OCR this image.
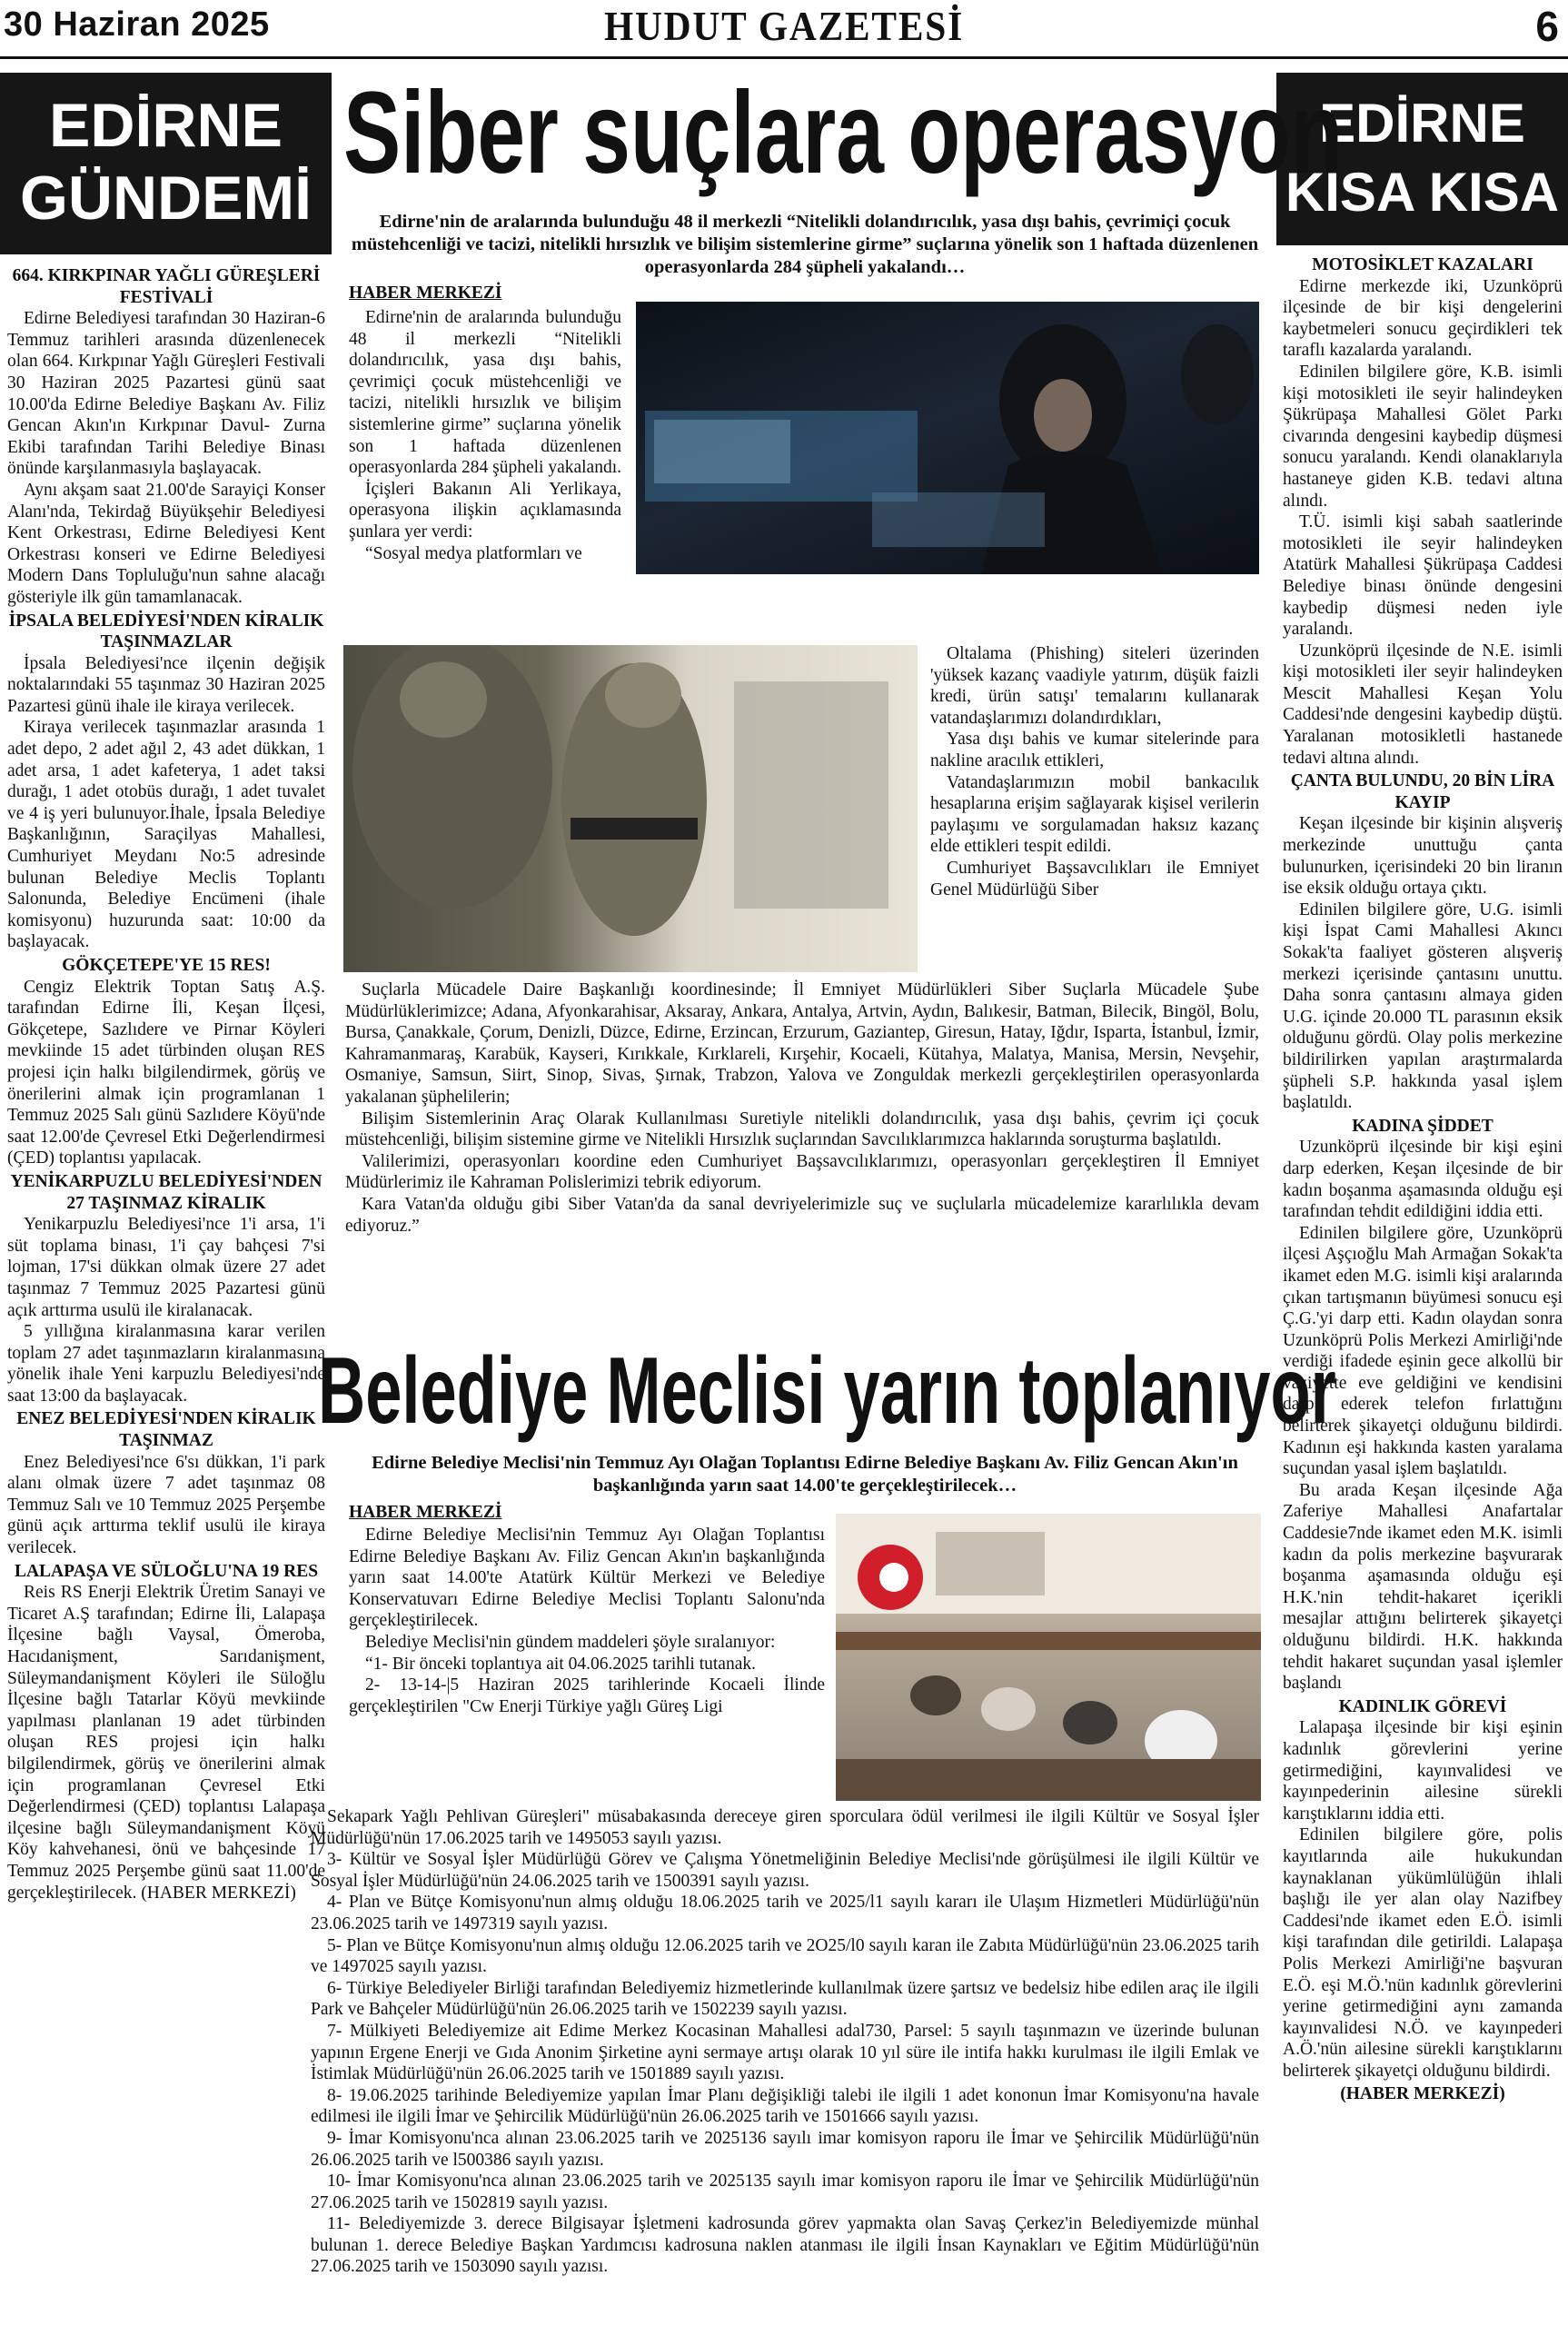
30 Haziran 2025	HUDUT GAZETESİ	6
EDİRNE
GÜNDEMİ
EDİRNE
KISA KISA

664. KIRKPINAR YAĞLI GÜREŞLERİ FESTİVALİ

Edirne Belediyesi tarafından 30 Haziran-6 Temmuz tarihleri arasında düzenlenecek olan 664. Kırkpınar Yağlı Güreşleri Festivali 30 Haziran 2025 Pazartesi günü saat 10.00'da Edirne Belediye Başkanı Av. Filiz Gencan Akın'ın Kırkpınar Davul- Zurna Ekibi tarafından Tarihi Belediye Binası önünde karşılanmasıyla başlayacak.

Aynı akşam saat 21.00'de Sarayiçi Konser Alanı'nda, Tekirdağ Büyükşehir Belediyesi Kent Orkestrası, Edirne Belediyesi Kent Orkestrası konseri ve Edirne Belediyesi Modern Dans Topluluğu'nun sahne alacağı gösteriyle ilk gün tamamlanacak.

İPSALA BELEDİYESİ'NDEN KİRALIK TAŞINMAZLAR

İpsala Belediyesi'nce ilçenin değişik noktalarındaki 55 taşınmaz 30 Haziran 2025 Pazartesi günü ihale ile kiraya verilecek.

Kiraya verilecek taşınmazlar arasında 1 adet depo, 2 adet ağıl 2, 43 adet dükkan, 1 adet arsa, 1 adet kafeterya, 1 adet taksi durağı, 1 adet otobüs durağı, 1 adet tuvalet ve 4 iş yeri bulunuyor.İhale, İpsala Belediye Başkanlığının, Saraçilyas Mahallesi, Cumhuriyet Meydanı No:5 adresinde bulunan Belediye Meclis Toplantı Salonunda, Belediye Encümeni (ihale komisyonu) huzurunda saat: 10:00 da başlayacak.

GÖKÇETEPE'YE 15 RES!

Cengiz Elektrik Toptan Satış A.Ş. tarafından Edirne İli, Keşan İlçesi, Gökçetepe, Sazlıdere ve Pirnar Köyleri mevkiinde 15 adet türbinden oluşan RES projesi için halkı bilgilendirmek, görüş ve önerilerini almak için programlanan 1 Temmuz 2025 Salı günü Sazlıdere Köyü'nde saat 12.00'de Çevresel Etki Değerlendirmesi (ÇED) toplantısı yapılacak.

YENİKARPUZLU BELEDİYESİ'NDEN 27 TAŞINMAZ KİRALIK

Yenikarpuzlu Belediyesi'nce 1'i arsa, 1'i süt toplama binası, 1'i çay bahçesi 7'si lojman, 17'si dükkan olmak üzere 27 adet taşınmaz 7 Temmuz 2025 Pazartesi günü açık arttırma usulü ile kiralanacak.

5 yıllığına kiralanmasına karar verilen toplam 27 adet taşınmazların kiralanmasına yönelik ihale Yeni karpuzlu Belediyesi'nde saat 13:00 da başlayacak.

ENEZ BELEDİYESİ'NDEN KİRALIK TAŞINMAZ

Enez Belediyesi'nce 6'sı dükkan, 1'i park alanı olmak üzere 7 adet taşınmaz 08 Temmuz Salı ve 10 Temmuz 2025 Perşembe günü açık arttırma teklif usulü ile kiraya verilecek.

LALAPAŞA VE SÜLOĞLU'NA 19 RES

Reis RS Enerji Elektrik Üretim Sanayi ve Ticaret A.Ş tarafından; Edirne İli, Lalapaşa İlçesine bağlı Vaysal, Ömeroba, Hacıdanişment, Sarıdanişment, Süleymandanişment Köyleri ile Süloğlu İlçesine bağlı Tatarlar Köyü mevkiinde yapılması planlanan 19 adet türbinden oluşan RES projesi için halkı bilgilendirmek, görüş ve önerilerini almak için programlanan Çevresel Etki Değerlendirmesi (ÇED) toplantısı Lalapaşa ilçesine bağlı Süleymandanişment Köyü Köy kahvehanesi, önü ve bahçesinde 17 Temmuz 2025 Perşembe günü saat 11.00'de gerçekleştirilecek. (HABER MERKEZİ)

MOTOSİKLET KAZALARI

Edirne merkezde iki, Uzunköprü ilçesinde de bir kişi dengelerini kaybetmeleri sonucu geçirdikleri tek taraflı kazalarda yaralandı.

Edinilen bilgilere göre, K.B. isimli kişi motosikleti ile seyir halindeyken Şükrüpaşa Mahallesi Gölet Parkı civarında dengesini kaybedip düşmesi sonucu yaralandı. Kendi olanaklarıyla hastaneye giden K.B. tedavi altına alındı.

T.Ü. isimli kişi sabah saatlerinde motosikleti ile seyir halindeyken Atatürk Mahallesi Şükrüpaşa Caddesi Belediye binası önünde dengesini kaybedip düşmesi neden iyle yaralandı.

Uzunköprü ilçesinde de N.E. isimli kişi motosikleti iler seyir halindeyken Mescit Mahallesi Keşan Yolu Caddesi'nde dengesini kaybedip düştü. Yaralanan motosikletli hastanede tedavi altına alındı.

ÇANTA BULUNDU, 20 BİN LİRA KAYIP

Keşan ilçesinde bir kişinin alışveriş merkezinde unuttuğu çanta bulunurken, içerisindeki 20 bin liranın ise eksik olduğu ortaya çıktı.

Edinilen bilgilere göre, U.G. isimli kişi İspat Cami Mahallesi Akıncı Sokak'ta faaliyet gösteren alışveriş merkezi içerisinde çantasını unuttu. Daha sonra çantasını almaya giden U.G. içinde 20.000 TL parasının eksik olduğunu gördü. Olay polis merkezine bildirilirken yapılan araştırmalarda şüpheli S.P. hakkında yasal işlem başlatıldı.

KADINA ŞİDDET

Uzunköprü ilçesinde bir kişi eşini darp ederken, Keşan ilçesinde de bir kadın boşanma aşamasında olduğu eşi tarafından tehdit edildiğini iddia etti.

Edinilen bilgilere göre, Uzunköprü ilçesi Aşçıoğlu Mah Armağan Sokak'ta ikamet eden M.G. isimli kişi aralarında çıkan tartışmanın büyümesi sonucu eşi Ç.G.'yi darp etti. Kadın olaydan sonra Uzunköprü Polis Merkezi Amirliği'nde verdiği ifadede eşinin gece alkollü bir vaziyette eve geldiğini ve kendisini darp ederek telefon fırlattığını belirterek şikayetçi olduğunu bildirdi. Kadının eşi hakkında kasten yaralama suçundan yasal işlem başlatıldı.

Bu arada Keşan ilçesinde Ağa Zaferiye Mahallesi Anafartalar Caddesie7nde ikamet eden M.K. isimli kadın da polis merkezine başvurarak boşanma aşamasında olduğu eşi H.K.'nin tehdit-hakaret içerikli mesajlar attığını belirterek şikayetçi olduğunu bildirdi. H.K. hakkında tehdit hakaret suçundan yasal işlemler başlandı

KADINLIK GÖREVİ

Lalapaşa ilçesinde bir kişi eşinin kadınlık görevlerini yerine getirmediğini, kayınvalidesi ve kayınpederinin ailesine sürekli karıştıklarını iddia etti.

Edinilen bilgilere göre, polis kayıtlarında aile hukukundan kaynaklanan yükümlülüğün ihlali başlığı ile yer alan olay Nazifbey Caddesi'nde ikamet eden E.Ö. isimli kişi tarafından dile getirildi. Lalapaşa Polis Merkezi Amirliği'ne başvuran E.Ö. eşi M.Ö.'nün kadınlık görevlerini yerine getirmediğini aynı zamanda kayınvalidesi N.Ö. ve kayınpederi A.Ö.'nün ailesine sürekli karıştıklarını belirterek şikayetçi olduğunu bildirdi.

(HABER MERKEZİ)

Siber suçlara operasyon
Edirne'nin de aralarında bulunduğu 48 il merkezli “Nitelikli dolandırıcılık, yasa dışı bahis, çevrimiçi çocuk müstehcenliği ve tacizi, nitelikli hırsızlık ve bilişim sistemlerine girme” suçlarına yönelik son 1 haftada düzenlenen operasyonlarda 284 şüpheli yakalandı…
HABER MERKEZİ

Edirne'nin de aralarında bulunduğu 48 il merkezli “Nitelikli dolandırıcılık, yasa dışı bahis, çevrimiçi çocuk müstehcenliği ve tacizi, nitelikli hırsızlık ve bilişim sistemlerine girme” suçlarına yönelik son 1 haftada düzenlenen operasyonlarda 284 şüpheli yakalandı.

İçişleri Bakanın Ali Yerlikaya, operasyona ilişkin açıklamasında şunlara yer verdi:

“Sosyal medya platformları ve

Oltalama (Phishing) siteleri üzerinden 'yüksek kazanç vaadiyle yatırım, düşük faizli kredi, ürün satışı' temalarını kullanarak vatandaşlarımızı dolandırdıkları,

Yasa dışı bahis ve kumar sitelerinde para nakline aracılık ettikleri,

Vatandaşlarımızın mobil bankacılık hesaplarına erişim sağlayarak kişisel verilerin paylaşımı ve sorgulamadan haksız kazanç elde ettikleri tespit edildi.

Cumhuriyet Başsavcılıkları ile Emniyet Genel Müdürlüğü Siber

Suçlarla Mücadele Daire Başkanlığı koordinesinde; İl Emniyet Müdürlükleri Siber Suçlarla Mücadele Şube Müdürlüklerimizce; Adana, Afyonkarahisar, Aksaray, Ankara, Antalya, Artvin, Aydın, Balıkesir, Batman, Bilecik, Bingöl, Bolu, Bursa, Çanakkale, Çorum, Denizli, Düzce, Edirne, Erzincan, Erzurum, Gaziantep, Giresun, Hatay, Iğdır, Isparta, İstanbul, İzmir, Kahramanmaraş, Karabük, Kayseri, Kırıkkale, Kırklareli, Kırşehir, Kocaeli, Kütahya, Malatya, Manisa, Mersin, Nevşehir, Osmaniye, Samsun, Siirt, Sinop, Sivas, Şırnak, Trabzon, Yalova ve Zonguldak merkezli gerçekleştirilen operasyonlarda yakalanan şüphelilerin;

Bilişim Sistemlerinin Araç Olarak Kullanılması Suretiyle nitelikli dolandırıcılık, yasa dışı bahis, çevrim içi çocuk müstehcenliği, bilişim sistemine girme ve Nitelikli Hırsızlık suçlarından Savcılıklarımızca haklarında soruşturma başlatıldı.

Valilerimizi, operasyonları koordine eden Cumhuriyet Başsavcılıklarımızı, operasyonları gerçekleştiren İl Emniyet Müdürlerimiz ile Kahraman Polislerimizi tebrik ediyorum.

Kara Vatan'da olduğu gibi Siber Vatan'da da sanal devriyelerimizle suç ve suçlularla mücadelemize kararlılıkla devam ediyoruz.”

Belediye Meclisi yarın toplanıyor
Edirne Belediye Meclisi'nin Temmuz Ayı Olağan Toplantısı Edirne Belediye Başkanı Av. Filiz Gencan Akın'ın başkanlığında yarın saat 14.00'te gerçekleştirilecek…
HABER MERKEZİ

Edirne Belediye Meclisi'nin Temmuz Ayı Olağan Toplantısı Edirne Belediye Başkanı Av. Filiz Gencan Akın'ın başkanlığında yarın saat 14.00'te Atatürk Kültür Merkezi ve Belediye Konservatuvarı Edirne Belediye Meclisi Toplantı Salonu'nda gerçekleştirilecek.

Belediye Meclisi'nin gündem maddeleri şöyle sıralanıyor:

“1- Bir önceki toplantıya ait 04.06.2025 tarihli tutanak.

2- 13-14-|5 Haziran 2025 tarihlerinde Kocaeli İlinde gerçekleştirilen "Cw Enerji Türkiye yağlı Güreş Ligi

Sekapark Yağlı Pehlivan Güreşleri" müsabakasında dereceye giren sporculara ödül verilmesi ile ilgili Kültür ve Sosyal İşler Müdürlüğü'nün 17.06.2025 tarih ve 1495053 sayılı yazısı.

3- Kültür ve Sosyal İşler Müdürlüğü Görev ve Çalışma Yönetmeliğinin Belediye Meclisi'nde görüşülmesi ile ilgili Kültür ve Sosyal İşler Müdürlüğü'nün 24.06.2025 tarih ve 1500391 sayılı yazısı.

4- Plan ve Bütçe Komisyonu'nun almış olduğu 18.06.2025 tarih ve 2025/l1 sayılı kararı ile Ulaşım Hizmetleri Müdürlüğü'nün 23.06.2025 tarih ve 1497319 sayılı yazısı.

5- Plan ve Bütçe Komisyonu'nun almış olduğu 12.06.2025 tarih ve 2O25/l0 sayılı karan ile Zabıta Müdürlüğü'nün 23.06.2025 tarih ve 1497025 sayılı yazısı.

6- Türkiye Belediyeler Birliği tarafından Belediyemiz hizmetlerinde kullanılmak üzere şartsız ve bedelsiz hibe edilen araç ile ilgili Park ve Bahçeler Müdürlüğü'nün 26.06.2025 tarih ve 1502239 sayılı yazısı.

7- Mülkiyeti Belediyemize ait Edime Merkez Kocasinan Mahallesi adal730, Parsel: 5 sayılı taşınmazın ve üzerinde bulunan yapının Ergene Enerji ve Gıda Anonim Şirketine ayni sermaye artışı olarak 10 yıl süre ile intifa hakkı kurulması ile ilgili Emlak ve İstimlak Müdürlüğü'nün 26.06.2025 tarih ve 1501889 sayılı yazısı.

8- 19.06.2025 tarihinde Belediyemize yapılan İmar Planı değişikliği talebi ile ilgili 1 adet kononun İmar Komisyonu'na havale edilmesi ile ilgili İmar ve Şehircilik Müdürlüğü'nün 26.06.2025 tarih ve 1501666 sayılı yazısı.

9- İmar Komisyonu'nca alınan 23.06.2025 tarih ve 2025136 sayılı imar komisyon raporu ile İmar ve Şehircilik Müdürlüğü'nün 26.06.2025 tarih ve l500386 sayılı yazısı.

10- İmar Komisyonu'nca alınan 23.06.2025 tarih ve 2025135 sayılı imar komisyon raporu ile İmar ve Şehircilik Müdürlüğü'nün 27.06.2025 tarih ve 1502819 sayılı yazısı.

11- Belediyemizde 3. derece Bilgisayar İşletmeni kadrosunda görev yapmakta olan Savaş Çerkez'in Belediyemizde münhal bulunan 1. derece Belediye Başkan Yardımcısı kadrosuna naklen atanması ile ilgili İnsan Kaynakları ve Eğitim Müdürlüğü'nün 27.06.2025 tarih ve 1503090 sayılı yazısı.
